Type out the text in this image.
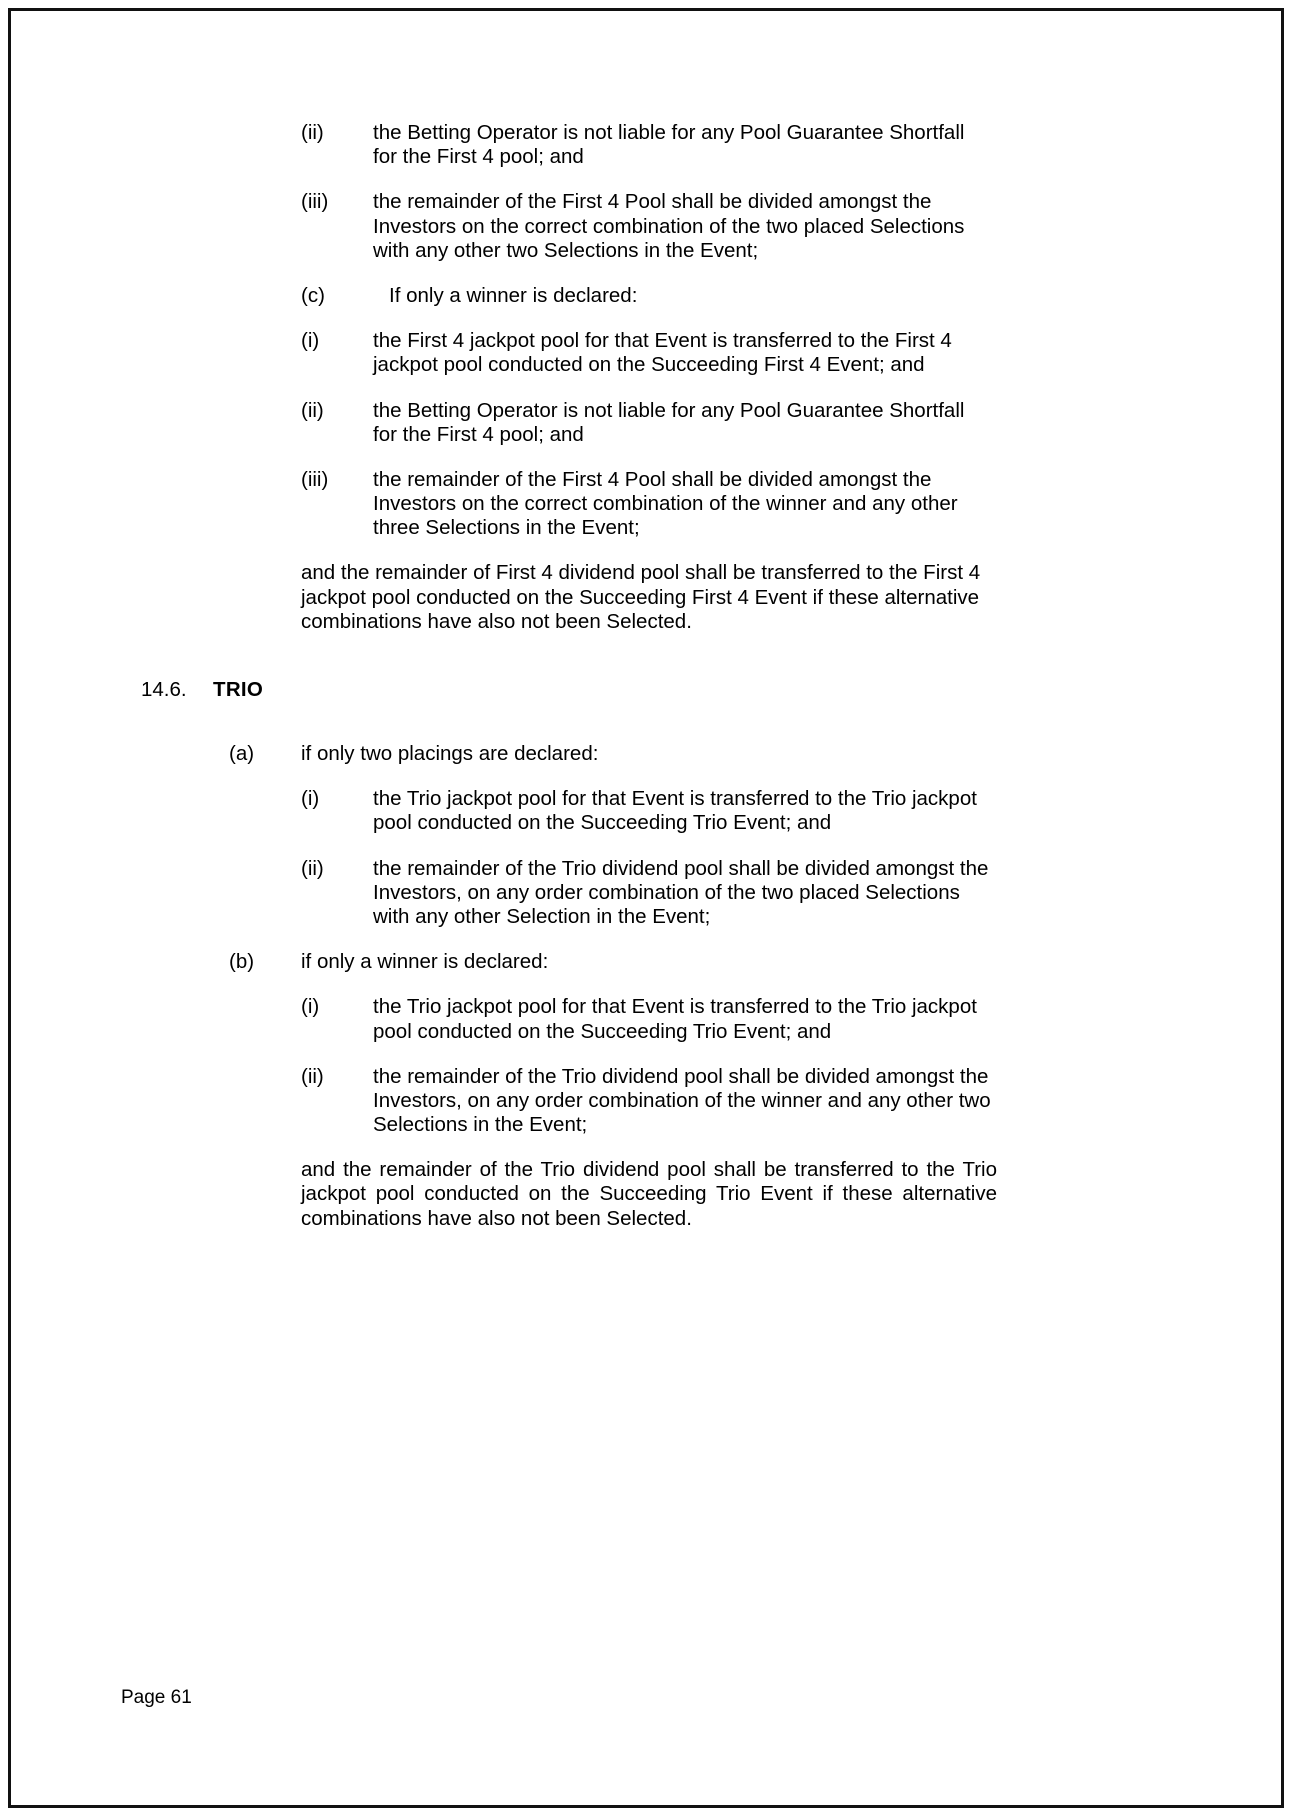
(ii)	the Betting Operator is not liable for any Pool Guarantee Shortfall for the First 4 pool; and
(iii)	the remainder of the First 4 Pool shall be divided amongst the Investors on the correct combination of the two placed Selections with any other two Selections in the Event;
(c)	If only a winner is declared:
(i)	the First 4 jackpot pool for that Event is transferred to the First 4 jackpot pool conducted on the Succeeding First 4 Event; and
(ii)	the Betting Operator is not liable for any Pool Guarantee Shortfall for the First 4 pool; and
(iii)	the remainder of the First 4 Pool shall be divided amongst the Investors on the correct combination of the winner and any other three Selections in the Event;
and the remainder of First 4 dividend pool shall be transferred to the First 4 jackpot pool conducted on the Succeeding First 4 Event if these alternative combinations have also not been Selected.
14.6.	TRIO
(a)	if only two placings are declared:
(i)	the Trio jackpot pool for that Event is transferred to the Trio jackpot pool conducted on the Succeeding Trio Event; and
(ii)	the remainder of the Trio dividend pool shall be divided amongst the Investors, on any order combination of the two placed Selections with any other Selection in the Event;
(b)	if only a winner is declared:
(i)	the Trio jackpot pool for that Event is transferred to the Trio jackpot pool conducted on the Succeeding Trio Event; and
(ii)	the remainder of the Trio dividend pool shall be divided amongst the Investors, on any order combination of the winner and any other two Selections in the Event;
and the remainder of the Trio dividend pool shall be transferred to the Trio jackpot pool conducted on the Succeeding Trio Event if these alternative combinations have also not been Selected.
Page 61
